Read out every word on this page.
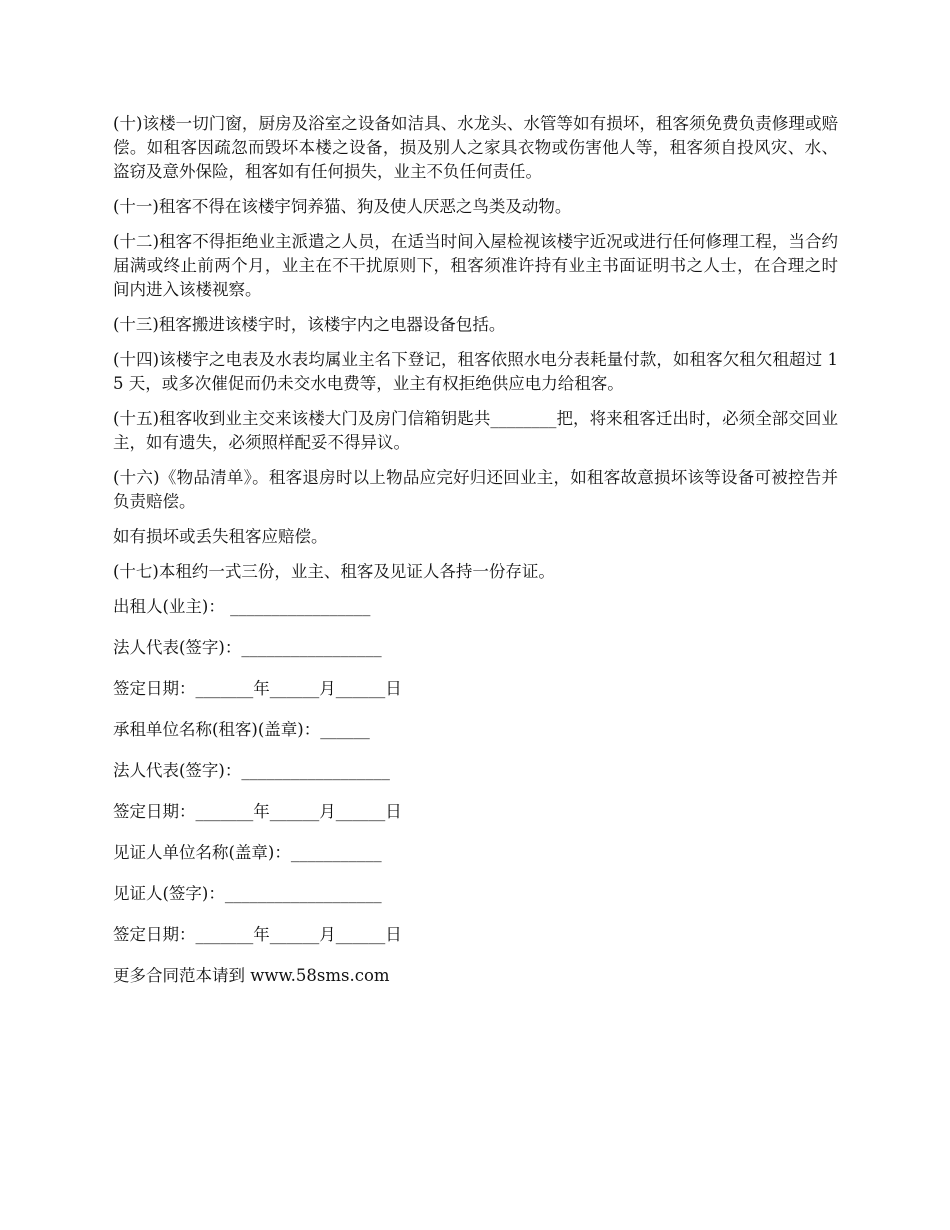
(十)该楼一切门窗，厨房及浴室之设备如洁具、水龙头、水管等如有损坏，租客须免费负责修理或赔偿。如租客因疏忽而毁坏本楼之设备，损及别人之家具衣物或伤害他人等，租客须自投风灾、水、盗窃及意外保险，租客如有任何损失，业主不负任何责任。

(十一)租客不得在该楼宇饲养猫、狗及使人厌恶之鸟类及动物。

(十二)租客不得拒绝业主派遣之人员，在适当时间入屋检视该楼宇近况或进行任何修理工程，当合约届满或终止前两个月，业主在不干扰原则下，租客须准许持有业主书面证明书之人士，在合理之时间内进入该楼视察。

(十三)租客搬进该楼宇时，该楼宇内之电器设备包括。

(十四)该楼宇之电表及水表均属业主名下登记，租客依照水电分表耗量付款，如租客欠租欠租超过 15 天，或多次催促而仍未交水电费等，业主有权拒绝供应电力给租客。

(十五)租客收到业主交来该楼大门及房门信箱钥匙共________把，将来租客迁出时，必须全部交回业主，如有遗失，必须照样配妥不得异议。

(十六)《物品清单》。租客退房时以上物品应完好归还回业主，如租客故意损坏该等设备可被控告并负责赔偿。

如有损坏或丢失租客应赔偿。

(十七)本租约一式三份，业主、租客及见证人各持一份存证。

出租人(业主)： _________________

法人代表(签字)：_________________

签定日期：_______年______月______日

承租单位名称(租客)(盖章)：______

法人代表(签字)：__________________

签定日期：_______年______月______日

见证人单位名称(盖章)：___________

见证人(签字)：___________________

签定日期：_______年______月______日

更多合同范本请到 www.58sms.com
